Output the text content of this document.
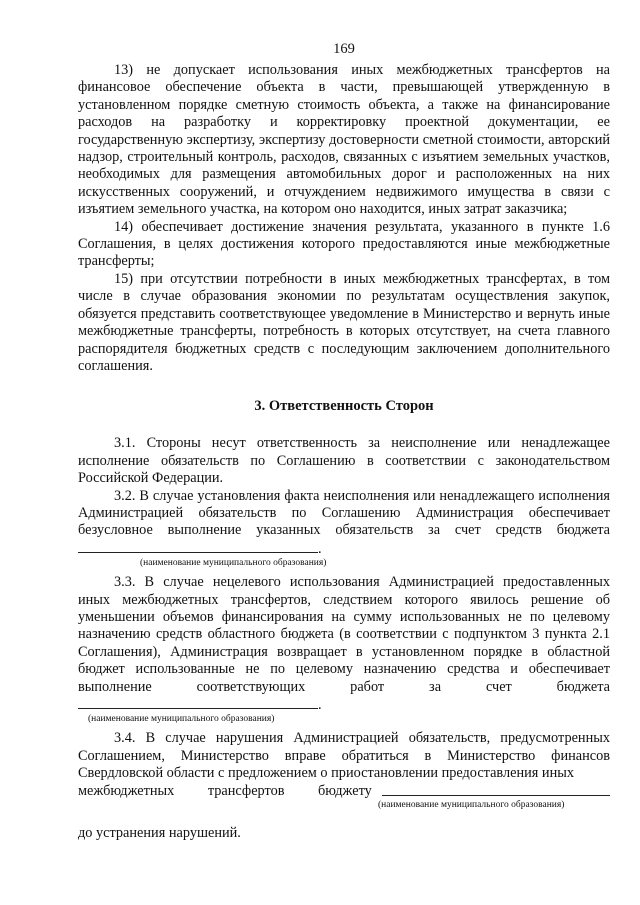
169

13) не допускает использования иных межбюджетных трансфертов на финансовое обеспечение объекта в части, превышающей утвержденную в установленном порядке сметную стоимость объекта, а также на финансирование расходов на разработку и корректировку проектной документации, ее государственную экспертизу, экспертизу достоверности сметной стоимости, авторский надзор, строительный контроль, расходов, связанных с изъятием земельных участков, необходимых для размещения автомобильных дорог и расположенных на них искусственных сооружений, и отчуждением недвижимого имущества в связи с изъятием земельного участка, на котором оно находится, иных затрат заказчика;

14) обеспечивает достижение значения результата, указанного в пункте 1.6 Соглашения, в целях достижения которого предоставляются иные межбюджетные трансферты;

15) при отсутствии потребности в иных межбюджетных трансфертах, в том числе в случае образования экономии по результатам осуществления закупок, обязуется представить соответствующее уведомление в Министерство и вернуть иные межбюджетные трансферты, потребность в которых отсутствует, на счета главного распорядителя бюджетных средств с последующим заключением дополнительного соглашения.

3. Ответственность Сторон

3.1. Стороны несут ответственность за неисполнение или ненадлежащее исполнение обязательств по Соглашению в соответствии с законодательством Российской Федерации.

3.2. В случае установления факта неисполнения или ненадлежащего исполнения Администрацией обязательств по Соглашению Администрация обеспечивает безусловное выполнение указанных обязательств за счет средств бюджета .

(наименование муниципального образования)

3.3. В случае нецелевого использования Администрацией предоставленных иных межбюджетных трансфертов, следствием которого явилось решение об уменьшении объемов финансирования на сумму использованных не по целевому назначению средств областного бюджета (в соответствии с подпунктом 3 пункта 2.1 Соглашения), Администрация возвращает в установленном порядке в областной бюджет использованные не по целевому назначению средства и обеспечивает выполнение соответствующих работ за счет бюджета .

(наименование муниципального образования)

3.4. В случае нарушения Администрацией обязательств, предусмотренных Соглашением, Министерство вправе обратиться в Министерство финансов Свердловской области с предложением о приостановлении предоставления иных

межбюджетных трансфертов бюджету
(наименование муниципального образования)

до устранения нарушений.
